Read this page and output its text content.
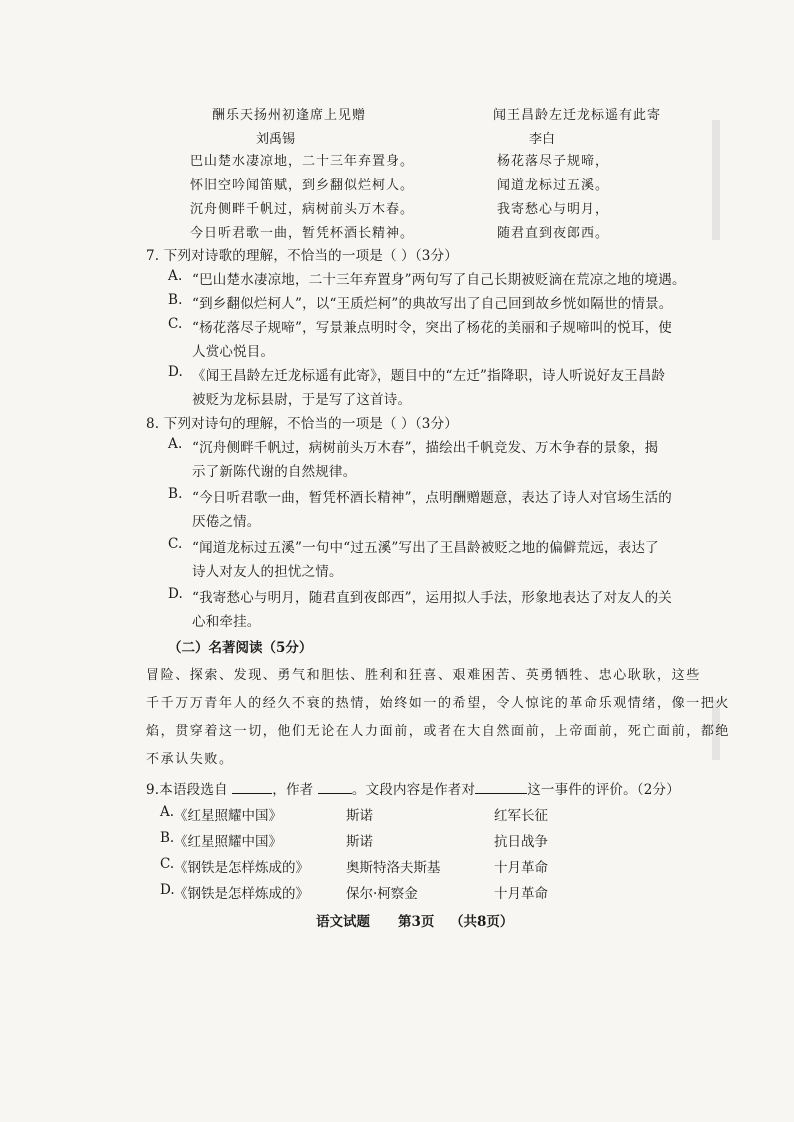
酬乐天扬州初逢席上见赠	闻王昌龄左迁龙标遥有此寄
刘禹锡	李白
巴山楚水凄凉地，二十三年弃置身。
怀旧空吟闻笛赋，到乡翻似烂柯人。
沉舟侧畔千帆过，病树前头万木春。
今日听君歌一曲，暂凭杯酒长精神。
杨花落尽子规啼，
闻道龙标过五溪。
我寄愁心与明月，
随君直到夜郎西。
7. 下列对诗歌的理解，不恰当的一项是（ ）（3分）
A. “巴山楚水凄凉地，二十三年弃置身”两句写了自己长期被贬滴在荒凉之地的境遇。
B. “到乡翻似烂柯人”，以“王质烂柯”的典故写出了自己回到故乡恍如隔世的情景。
C. “杨花落尽子规啼”，写景兼点明时令，突出了杨花的美丽和子规啼叫的悦耳，使
人赏心悦目。
D. 《闻王昌龄左迁龙标遥有此寄》，题目中的“左迁”指降职，诗人听说好友王昌龄
被贬为龙标县尉，于是写了这首诗。
8. 下列对诗句的理解，不恰当的一项是（ ）（3分）
A. “沉舟侧畔千帆过，病树前头万木春”，描绘出千帆竞发、万木争春的景象，揭
示了新陈代谢的自然规律。
B. “今日听君歌一曲，暂凭杯酒长精神”，点明酬赠题意，表达了诗人对官场生活的
厌倦之情。
C. “闻道龙标过五溪”一句中“过五溪”写出了王昌龄被贬之地的偏僻荒远，表达了
诗人对友人的担忧之情。
D. “我寄愁心与明月，随君直到夜郎西”，运用拟人手法，形象地表达了对友人的关
心和牵挂。
（二）名著阅读（5分）
冒险、探索、发现、勇气和胆怯、胜利和狂喜、艰难困苦、英勇牺牲、忠心耿耿，这些
千千万万青年人的经久不衰的热情，始终如一的希望，令人惊诧的革命乐观情绪，像一把火
焰，贯穿着这一切，他们无论在人力面前，或者在大自然面前，上帝面前，死亡面前，都绝
不承认失败。
9.本语段选自	，作者	。文段内容是作者对	这一事件的评价。（2分）
A. 《红星照耀中国》	斯诺	红军长征
B. 《红星照耀中国》	斯诺	抗日战争
C. 《钢铁是怎样炼成的》	奥斯特洛夫斯基	十月革命
D. 《钢铁是怎样炼成的》	保尔·柯察金	十月革命
语文试题 第3页 （共8页）
